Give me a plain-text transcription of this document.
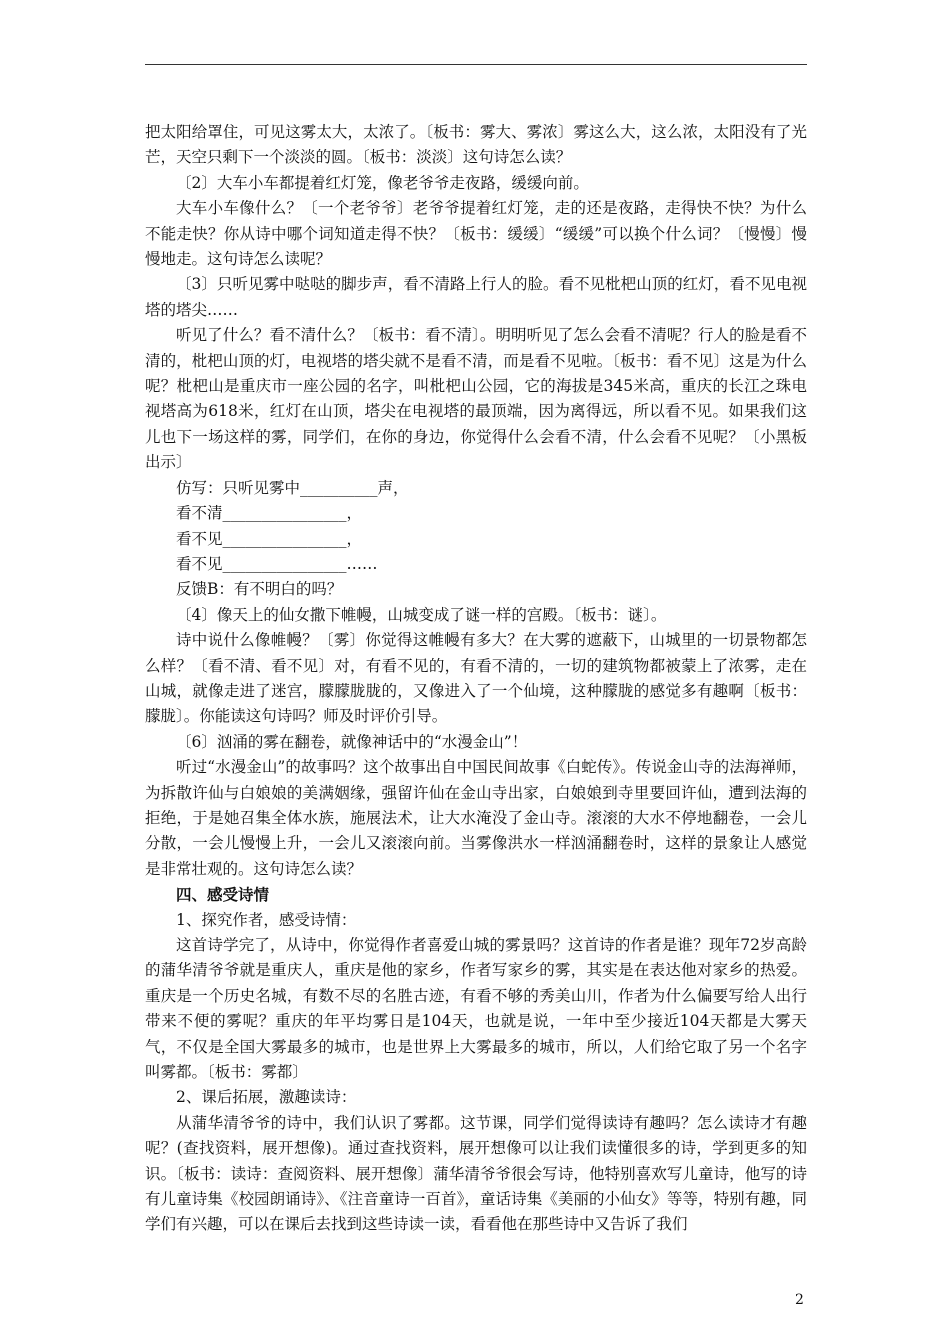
把太阳给罩住，可见这雾太大，太浓了。〔板书：雾大、雾浓〕雾这么大，这么浓，太阳没有了光芒，天空只剩下一个淡淡的圆。〔板书：淡淡〕这句诗怎么读？

〔2〕大车小车都提着红灯笼，像老爷爷走夜路，缓缓向前。

大车小车像什么？〔一个老爷爷〕老爷爷提着红灯笼，走的还是夜路，走得快不快？为什么不能走快？你从诗中哪个词知道走得不快？〔板书：缓缓〕“缓缓”可以换个什么词？〔慢慢〕慢慢地走。这句诗怎么读呢？

〔3〕只听见雾中哒哒的脚步声，看不清路上行人的脸。看不见枇杷山顶的红灯，看不见电视塔的塔尖……

听见了什么？看不清什么？〔板书：看不清〕。明明听见了怎么会看不清呢？行人的脸是看不清的，枇杷山顶的灯，电视塔的塔尖就不是看不清，而是看不见啦。〔板书：看不见〕这是为什么呢？枇杷山是重庆市一座公园的名字，叫枇杷山公园，它的海拔是345米高，重庆的长江之珠电视塔高为618米，红灯在山顶，塔尖在电视塔的最顶端，因为离得远，所以看不见。如果我们这儿也下一场这样的雾，同学们，在你的身边，你觉得什么会看不清，什么会看不见呢？〔小黑板出示〕

仿写：只听见雾中__________声，

看不清________________，

看不见________________，

看不见________________……

反馈B：有不明白的吗？

〔4〕像天上的仙女撒下帷幔，山城变成了谜一样的宫殿。〔板书：谜〕。

诗中说什么像帷幔？〔雾〕你觉得这帷幔有多大？在大雾的遮蔽下，山城里的一切景物都怎么样？〔看不清、看不见〕对，有看不见的，有看不清的，一切的建筑物都被蒙上了浓雾，走在山城，就像走进了迷宫，朦朦胧胧的，又像进入了一个仙境，这种朦胧的感觉多有趣啊〔板书：朦胧〕。你能读这句诗吗？师及时评价引导。

〔6〕汹涌的雾在翻卷，就像神话中的“水漫金山”！

听过“水漫金山”的故事吗？这个故事出自中国民间故事《白蛇传》。传说金山寺的法海禅师，为拆散许仙与白娘娘的美满姻缘，强留许仙在金山寺出家，白娘娘到寺里要回许仙，遭到法海的拒绝，于是她召集全体水族，施展法术，让大水淹没了金山寺。滚滚的大水不停地翻卷，一会儿分散，一会儿慢慢上升，一会儿又滚滚向前。当雾像洪水一样汹涌翻卷时，这样的景象让人感觉是非常壮观的。这句诗怎么读？

四、感受诗情

1、探究作者，感受诗情：

这首诗学完了，从诗中，你觉得作者喜爱山城的雾景吗？这首诗的作者是谁？现年72岁高龄的蒲华清爷爷就是重庆人，重庆是他的家乡，作者写家乡的雾，其实是在表达他对家乡的热爱。重庆是一个历史名城，有数不尽的名胜古迹，有看不够的秀美山川，作者为什么偏要写给人出行带来不便的雾呢？重庆的年平均雾日是104天，也就是说，一年中至少接近104天都是大雾天气，不仅是全国大雾最多的城市，也是世界上大雾最多的城市，所以，人们给它取了另一个名字叫雾都。〔板书：雾都〕

2、课后拓展，激趣读诗：

从蒲华清爷爷的诗中，我们认识了雾都。这节课，同学们觉得读诗有趣吗？怎么读诗才有趣呢？(查找资料，展开想像)。通过查找资料，展开想像可以让我们读懂很多的诗，学到更多的知识。〔板书：读诗：查阅资料、展开想像〕蒲华清爷爷很会写诗，他特别喜欢写儿童诗，他写的诗有儿童诗集《校园朗诵诗》、《注音童诗一百首》，童话诗集《美丽的小仙女》等等，特别有趣，同学们有兴趣，可以在课后去找到这些诗读一读，看看他在那些诗中又告诉了我们

2
